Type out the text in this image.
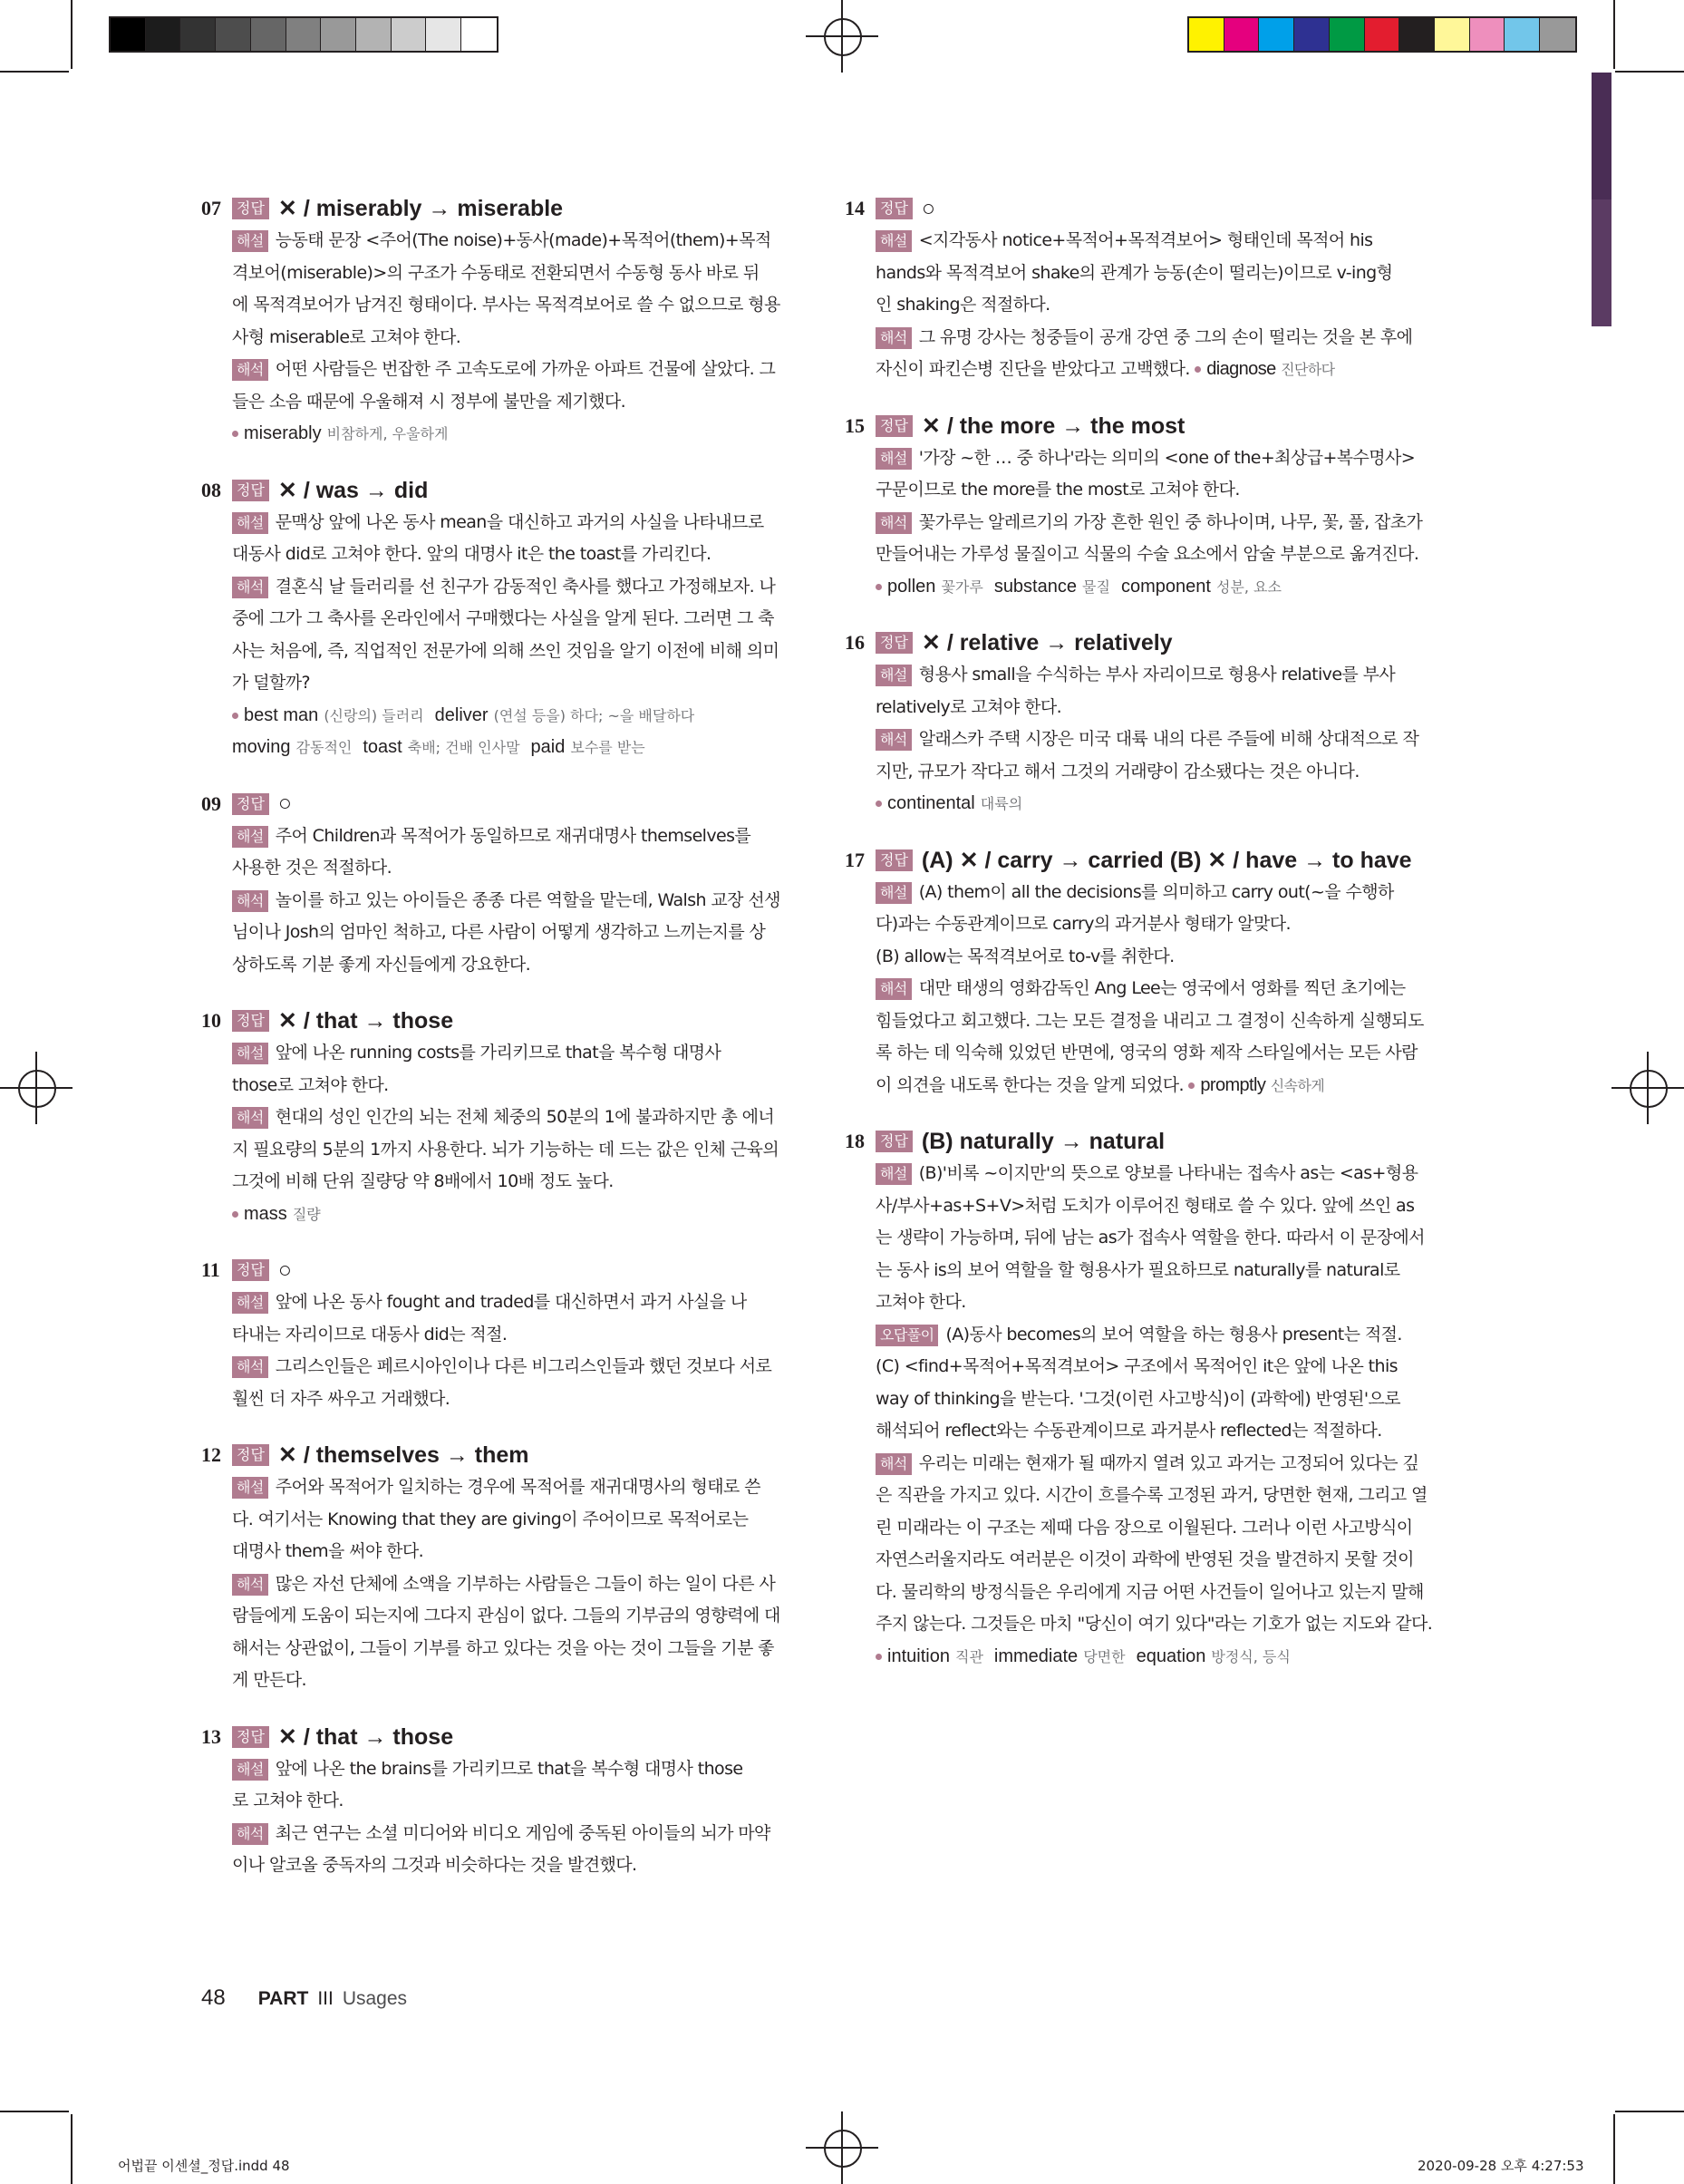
07	정답 ✕ / miserably → miserable
해설 능동태 문장 <주어(The noise)+동사(made)+목적어(them)+목적
격보어(miserable)>의 구조가 수동태로 전환되면서 수동형 동사 바로 뒤
에 목적격보어가 남겨진 형태이다. 부사는 목적격보어로 쓸 수 없으므로 형용
사형 miserable로 고쳐야 한다.
해석 어떤 사람들은 번잡한 주 고속도로에 가까운 아파트 건물에 살았다. 그
들은 소음 때문에 우울해져 시 정부에 불만을 제기했다.
miserably 비참하게, 우울하게
08	정답 ✕ / was → did
해설 문맥상 앞에 나온 동사 mean을 대신하고 과거의 사실을 나타내므로
대동사 did로 고쳐야 한다. 앞의 대명사 it은 the toast를 가리킨다.
해석 결혼식 날 들러리를 선 친구가 감동적인 축사를 했다고 가정해보자. 나
중에 그가 그 축사를 온라인에서 구매했다는 사실을 알게 된다. 그러면 그 축
사는 처음에, 즉, 직업적인 전문가에 의해 쓰인 것임을 알기 이전에 비해 의미
가 덜할까?
best man (신랑의) 들러리 deliver (연설 등을) 하다; ~을 배달하다
moving 감동적인 toast 축배; 건배 인사말 paid 보수를 받는
09	정답 ○
해설 주어 Children과 목적어가 동일하므로 재귀대명사 themselves를
사용한 것은 적절하다.
해석 놀이를 하고 있는 아이들은 종종 다른 역할을 맡는데, Walsh 교장 선생
님이나 Josh의 엄마인 척하고, 다른 사람이 어떻게 생각하고 느끼는지를 상
상하도록 기분 좋게 자신들에게 강요한다.
10	정답 ✕ / that → those
해설 앞에 나온 running costs를 가리키므로 that을 복수형 대명사
those로 고쳐야 한다.
해석 현대의 성인 인간의 뇌는 전체 체중의 50분의 1에 불과하지만 총 에너
지 필요량의 5분의 1까지 사용한다. 뇌가 기능하는 데 드는 값은 인체 근육의
그것에 비해 단위 질량당 약 8배에서 10배 정도 높다.
mass 질량
11	정답 ○
해설 앞에 나온 동사 fought and traded를 대신하면서 과거 사실을 나
타내는 자리이므로 대동사 did는 적절.
해석 그리스인들은 페르시아인이나 다른 비그리스인들과 했던 것보다 서로
훨씬 더 자주 싸우고 거래했다.
12	정답 ✕ / themselves → them
해설 주어와 목적어가 일치하는 경우에 목적어를 재귀대명사의 형태로 쓴
다. 여기서는 Knowing that they are giving이 주어이므로 목적어로는
대명사 them을 써야 한다.
해석 많은 자선 단체에 소액을 기부하는 사람들은 그들이 하는 일이 다른 사
람들에게 도움이 되는지에 그다지 관심이 없다. 그들의 기부금의 영향력에 대
해서는 상관없이, 그들이 기부를 하고 있다는 것을 아는 것이 그들을 기분 좋
게 만든다.
13	정답 ✕ / that → those
해설 앞에 나온 the brains를 가리키므로 that을 복수형 대명사 those
로 고쳐야 한다.
해석 최근 연구는 소셜 미디어와 비디오 게임에 중독된 아이들의 뇌가 마약
이나 알코올 중독자의 그것과 비슷하다는 것을 발견했다.
14	정답 ○
해설 <지각동사 notice+목적어+목적격보어> 형태인데 목적어 his
hands와 목적격보어 shake의 관계가 능동(손이 떨리는)이므로 v-ing형
인 shaking은 적절하다.
해석 그 유명 강사는 청중들이 공개 강연 중 그의 손이 떨리는 것을 본 후에
자신이 파킨슨병 진단을 받았다고 고백했다. diagnose 진단하다
15	정답 ✕ / the more → the most
해설 '가장 ~한 … 중 하나'라는 의미의 <one of the+최상급+복수명사>
구문이므로 the more를 the most로 고쳐야 한다.
해석 꽃가루는 알레르기의 가장 흔한 원인 중 하나이며, 나무, 꽃, 풀, 잡초가
만들어내는 가루성 물질이고 식물의 수술 요소에서 암술 부분으로 옮겨진다.
pollen 꽃가루 substance 물질 component 성분, 요소
16	정답 ✕ / relative → relatively
해설 형용사 small을 수식하는 부사 자리이므로 형용사 relative를 부사
relatively로 고쳐야 한다.
해석 알래스카 주택 시장은 미국 대륙 내의 다른 주들에 비해 상대적으로 작
지만, 규모가 작다고 해서 그것의 거래량이 감소됐다는 것은 아니다.
continental 대륙의
17	정답 (A) ✕ / carry → carried (B) ✕ / have → to have
해설 (A) them이 all the decisions를 의미하고 carry out(~을 수행하
다)과는 수동관계이므로 carry의 과거분사 형태가 알맞다.
(B) allow는 목적격보어로 to-v를 취한다.
해석 대만 태생의 영화감독인 Ang Lee는 영국에서 영화를 찍던 초기에는
힘들었다고 회고했다. 그는 모든 결정을 내리고 그 결정이 신속하게 실행되도
록 하는 데 익숙해 있었던 반면에, 영국의 영화 제작 스타일에서는 모든 사람
이 의견을 내도록 한다는 것을 알게 되었다. promptly 신속하게
18	정답 (B) naturally → natural
해설 (B)'비록 ~이지만'의 뜻으로 양보를 나타내는 접속사 as는 <as+형용
사/부사+as+S+V>처럼 도치가 이루어진 형태로 쓸 수 있다. 앞에 쓰인 as
는 생략이 가능하며, 뒤에 남는 as가 접속사 역할을 한다. 따라서 이 문장에서
는 동사 is의 보어 역할을 할 형용사가 필요하므로 naturally를 natural로
고쳐야 한다.
오답풀이 (A)동사 becomes의 보어 역할을 하는 형용사 present는 적절.
(C) <find+목적어+목적격보어> 구조에서 목적어인 it은 앞에 나온 this
way of thinking을 받는다. '그것(이런 사고방식)이 (과학에) 반영된'으로
해석되어 reflect와는 수동관계이므로 과거분사 reflected는 적절하다.
해석 우리는 미래는 현재가 될 때까지 열려 있고 과거는 고정되어 있다는 깊
은 직관을 가지고 있다. 시간이 흐를수록 고정된 과거, 당면한 현재, 그리고 열
린 미래라는 이 구조는 제때 다음 장으로 이월된다. 그러나 이런 사고방식이
자연스러울지라도 여러분은 이것이 과학에 반영된 것을 발견하지 못할 것이
다. 물리학의 방정식들은 우리에게 지금 어떤 사건들이 일어나고 있는지 말해
주지 않는다. 그것들은 마치 "당신이 여기 있다"라는 기호가 없는 지도와 같다.
intuition 직관 immediate 당면한 equation 방정식, 등식
48 PART III Usages
어법끝 이센셜_정답.indd 48	2020-09-28 오후 4:27:53
